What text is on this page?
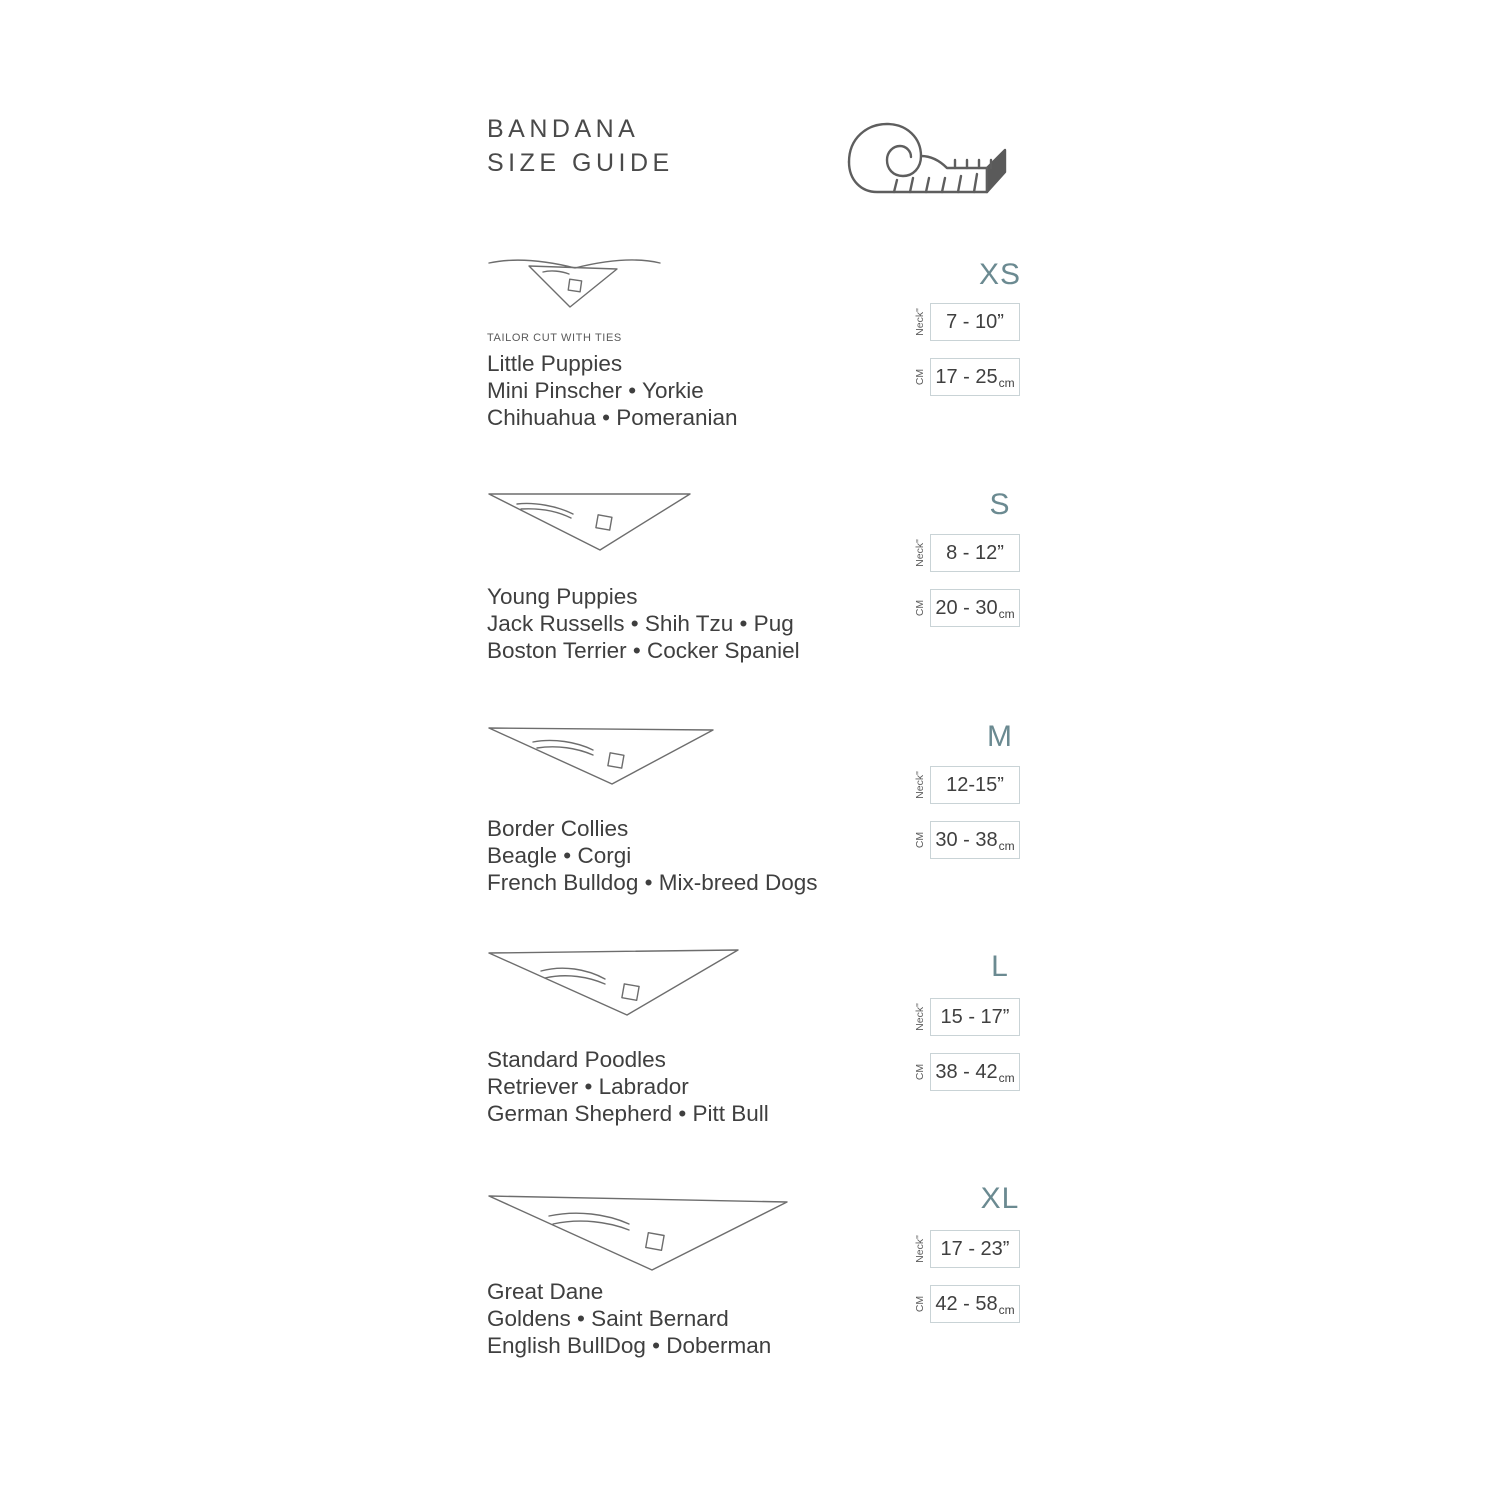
BANDANA
SIZE GUIDE
TAILOR CUT WITH TIES
Little Puppies
Mini Pinscher • Yorkie
Chihuahua • Pomeranian
XS
Neck"	7 - 10”
CM 17 - 25 cm
Young Puppies
Jack Russells • Shih Tzu • Pug
Boston Terrier • Cocker Spaniel
S
Neck"	8 - 12”
CM 20 - 30 cm
Border Collies
Beagle • Corgi
French Bulldog • Mix-breed Dogs
M
Neck"	12-15”
CM 30 - 38 cm
Standard Poodles
Retriever • Labrador
German Shepherd • Pitt Bull
L
Neck" 15 - 17”
CM 38 - 42 cm
Great Dane
Goldens • Saint Bernard
English BullDog • Doberman
XL
Neck" 17 - 23”
CM 42 - 58 cm
